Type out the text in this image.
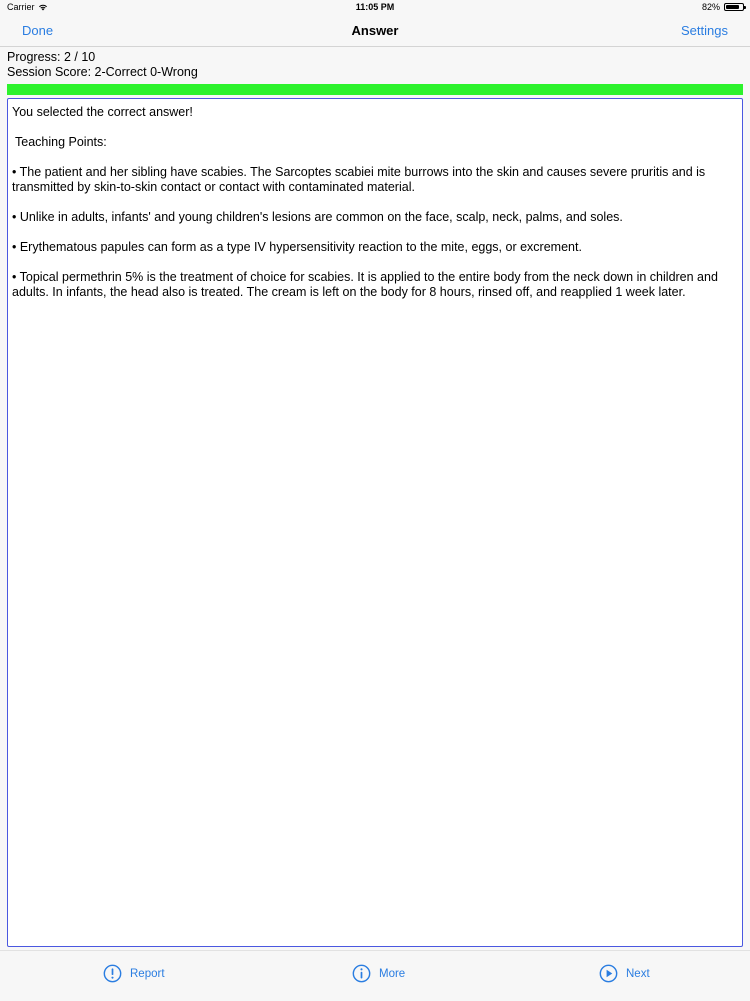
Carrier	11:05 PM	82%
Done	Answer	Settings
Progress: 2 / 10
Session Score: 2-Correct 0-Wrong

You selected the correct answer!

Teaching Points:

• The patient and her sibling have scabies. The Sarcoptes scabiei mite burrows into the skin and causes severe pruritis and is transmitted by skin-to-skin contact or contact with contaminated material.

• Unlike in adults, infants' and young children's lesions are common on the face, scalp, neck, palms, and soles.

• Erythematous papules can form as a type IV hypersensitivity reaction to the mite, eggs, or excrement.

• Topical permethrin 5% is the treatment of choice for scabies. It is applied to the entire body from the neck down in children and adults. In infants, the head also is treated. The cream is left on the body for 8 hours, rinsed off, and reapplied 1 week later.

Report	More	Next
